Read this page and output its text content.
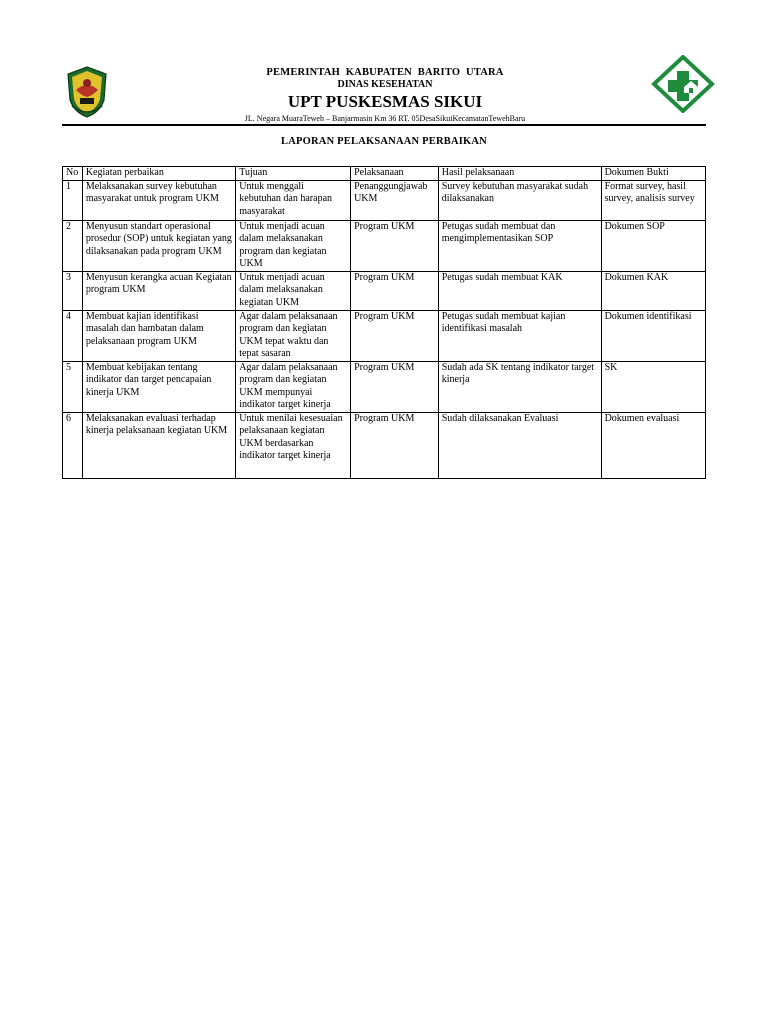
PEMERINTAH KABUPATEN BARITO UTARA
DINAS KESEHATAN
UPT PUSKESMAS SIKUI
JL. Negara MuaraTeweh – Banjarmasin Km 36 RT. 05DesaSikuiKecamatanTewehBaru
LAPORAN PELAKSANAAN PERBAIKAN
No	Kegiatan perbaikan	Tujuan	Pelaksanaan	Hasil pelaksanaan	Dokumen Bukti
1	Melaksanakan survey kebutuhan masyarakat untuk program UKM	Untuk menggali kebutuhan dan harapan masyarakat	Penanggungjawab UKM	Survey kebutuhan masyarakat sudah dilaksanakan	Format survey, hasil survey, analisis survey
2	Menyusun standart operasional prosedur (SOP) untuk kegiatan yang dilaksanakan pada program UKM	Untuk menjadi acuan dalam melaksanakan program dan kegiatan UKM	Program UKM	Petugas sudah membuat dan mengimplementasikan SOP	Dokumen SOP
3	Menyusun kerangka acuan Kegiatan program UKM	Untuk menjadi acuan dalam melaksanakan kegiatan UKM	Program UKM	Petugas sudah membuat KAK	Dokumen KAK
4	Membuat kajian identifikasi masalah dan hambatan dalam pelaksanaan program UKM	Agar dalam pelaksanaan program dan kegiatan UKM tepat waktu dan tepat sasaran	Program UKM	Petugas sudah membuat kajian identifikasi masalah	Dokumen identifikasi
5	Membuat kebijakan tentang indikator dan target pencapaian kinerja UKM	Agar dalam pelaksanaan program dan kegiatan UKM mempunyai indikator target kinerja	Program UKM	Sudah ada SK tentang indikator target kinerja	SK
6	Melaksanakan evaluasi terhadap kinerja pelaksanaan kegiatan UKM	Untuk menilai kesesuaian pelaksanaan kegiatan UKM berdasarkan indikator target kinerja	Program UKM	Sudah dilaksanakan Evaluasi	Dokumen evaluasi
